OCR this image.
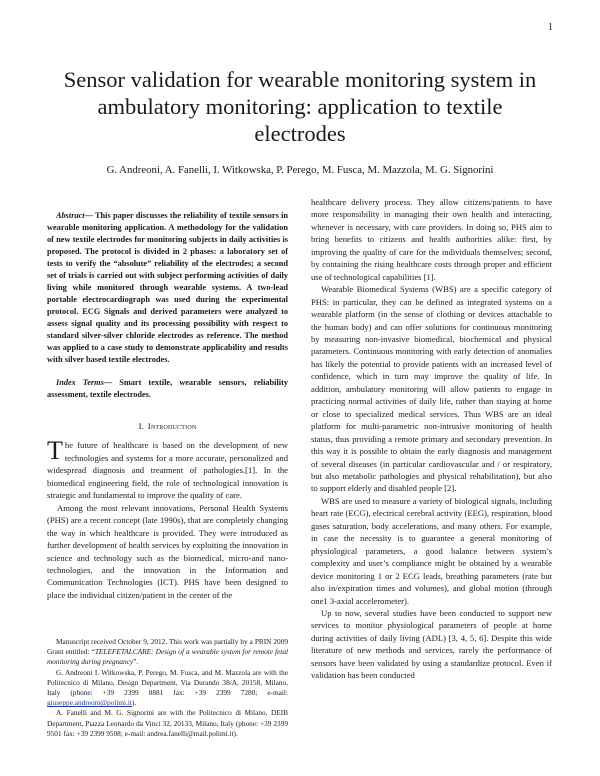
1
Sensor validation for wearable monitoring system in ambulatory monitoring: application to textile electrodes
G. Andreoni, A. Fanelli, I. Witkowska, P. Perego, M. Fusca, M. Mazzola, M. G. Signorini

Abstract— This paper discusses the reliability of textile sensors in wearable monitoring application. A methodology for the validation of new textile electrodes for monitoring subjects in daily activities is proposed. The protocol is divided in 2 phases: a laboratory set of tests to verify the “absolute” reliability of the electrodes; a second set of trials is carried out with subject performing activities of daily living while monitored through wearable systems. A two-lead portable electrocardiograph was used during the experimental protocol. ECG Signals and derived parameters were analyzed to assess signal quality and its processing possibility with respect to standard silver-silver chloride electrodes as reference. The method was applied to a case study to demonstrate applicability and results with silver based textile electrodes.

Index Terms— Smart textile, wearable sensors, reliability assessment, textile electrodes.

I. Introduction

The future of healthcare is based on the development of new technologies and systems for a more accurate, personalized and widespread diagnosis and treatment of pathologies.[1]. In the biomedical engineering field, the role of technological innovation is strategic and fundamental to improve the quality of care.

Among the most relevant innovations, Personal Health Systems (PHS) are a recent concept (late 1990s), that are completely changing the way in which healthcare is provided. They were introduced as further development of health services by exploiting the innovation in science and technology such as the biomedical, micro-and nano-technologies, and the innovation in the Information and Communication Technologies (ICT). PHS have been designed to place the individual citizen/patient in the center of the

Manuscript received October 9, 2012. This work was partially by a PRIN 2009 Grant entitled: “TELEFETALCARE: Design of a wearable system for remote fetal monitoring during pregnancy”.

G. Andreoni I. Witkowska, P. Perego, M. Fusca, and M. Mazzola are with the Politecnico di Milano, Design Department, Via Durando 38/A, 20158, Milano, Italy (phone: +39 2399 8881 fax: +39 2399 7280; e-mail: giuseppe.andreoni@polimi.it).

A. Fanelli and M. G. Signorini are with the Politecnico di Milano, DEIB Department, Piazza Leonardo da Vinci 32, 20133, Milano, Italy (phone: +39 2399 9501 fax: +39 2399 9508; e-mail: andrea.fanelli@mail.polimi.it).

healthcare delivery process. They allow citizens/patients to have more responsibility in managing their own health and interacting, whenever is necessary, with care providers. In doing so, PHS aim to bring benefits to citizens and health authorities alike: first, by improving the quality of care for the individuals themselves; second, by containing the rising healthcare costs through proper and efficient use of technological capabilities [1].

Wearable Biomedical Systems (WBS) are a specific category of PHS: in particular, they can be defined as integrated systems on a wearable platform (in the sense of clothing or devices attachable to the human body) and can offer solutions for continuous monitoring by measuring non-invasive biomedical, biochemical and physical parameters. Continuous monitoring with early detection of anomalies has likely the potential to provide patients with an increased level of confidence, which in turn may improve the quality of life. In addition, ambulatory monitoring will allow patients to engage in practicing normal activities of daily life, rather than staying at home or close to specialized medical services. Thus WBS are an ideal platform for multi-parametric non-intrusive monitoring of health status, thus providing a remote primary and secondary prevention. In this way it is possible to obtain the early diagnosis and management of several diseases (in particular cardiovascular and / or respiratory, but also metabolic pathologies and physical rehabilitation), but also to support elderly and disabled people [2].

WBS are used to measure a variety of biological signals, including heart rate (ECG), electrical cerebral activity (EEG), respiration, blood gases saturation, body accelerations, and many others. For example, in case the necessity is to guarantee a general monitoring of physiological parameters, a good balance between system’s complexity and user’s compliance might be obtained by a wearable device monitoring 1 or 2 ECG leads, breathing parameters (rate but also in/expiration times and volumes), and global motion (through one1 3-axial accelerometer).

Up to now, several studies have been conducted to support new services to monitor physiological parameters of people at home during activities of daily living (ADL) [3, 4, 5, 6]. Despite this wide literature of new methods and services, rarely the performance of sensors have been validated by using a standardize protocol. Even if validation has been conducted
